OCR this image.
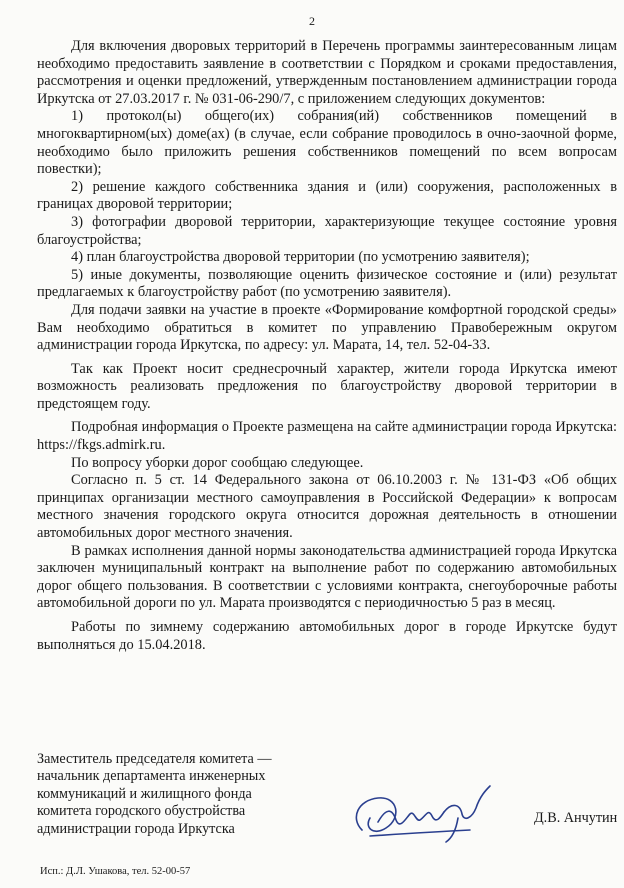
2

Для включения дворовых территорий в Перечень программы заинтересованным лицам необходимо предоставить заявление в соответствии с Порядком и сроками предоставления, рассмотрения и оценки предложений, утвержденным постановлением администрации города Иркутска от 27.03.2017 г. № 031-06-290/7, с приложением следующих документов:

1) протокол(ы) общего(их) собрания(ий) собственников помещений в многоквартирном(ых) доме(ах) (в случае, если собрание проводилось в очно-заочной форме, необходимо было приложить решения собственников помещений по всем вопросам повестки);

2) решение каждого собственника здания и (или) сооружения, расположенных в границах дворовой территории;

3) фотографии дворовой территории, характеризующие текущее состояние уровня благоустройства;

4) план благоустройства дворовой территории (по усмотрению заявителя);

5) иные документы, позволяющие оценить физическое состояние и (или) результат предлагаемых к благоустройству работ (по усмотрению заявителя).

Для подачи заявки на участие в проекте «Формирование комфортной городской среды» Вам необходимо обратиться в комитет по управлению Правобережным округом администрации города Иркутска, по адресу: ул. Марата, 14, тел. 52-04-33.

Так как Проект носит среднесрочный характер, жители города Иркутска имеют возможность реализовать предложения по благоустройству дворовой территории в предстоящем году.

Подробная информация о Проекте размещена на сайте администрации города Иркутска: https://fkgs.admirk.ru.

По вопросу уборки дорог сообщаю следующее.

Согласно п. 5 ст. 14 Федерального закона от 06.10.2003 г. № 131-ФЗ «Об общих принципах организации местного самоуправления в Российской Федерации» к вопросам местного значения городского округа относится дорожная деятельность в отношении автомобильных дорог местного значения.

В рамках исполнения данной нормы законодательства администрацией города Иркутска заключен муниципальный контракт на выполнение работ по содержанию автомобильных дорог общего пользования. В соответствии с условиями контракта, снегоуборочные работы автомобильной дороги по ул. Марата производятся с периодичностью 5 раз в месяц.

Работы по зимнему содержанию автомобильных дорог в городе Иркутске будут выполняться до 15.04.2018.

Заместитель председателя комитета —
начальник департамента инженерных
коммуникаций и жилищного фонда
комитета городского обустройства
администрации города Иркутска
Д.В. Анчутин
Исп.: Д.Л. Ушакова, тел. 52-00-57
